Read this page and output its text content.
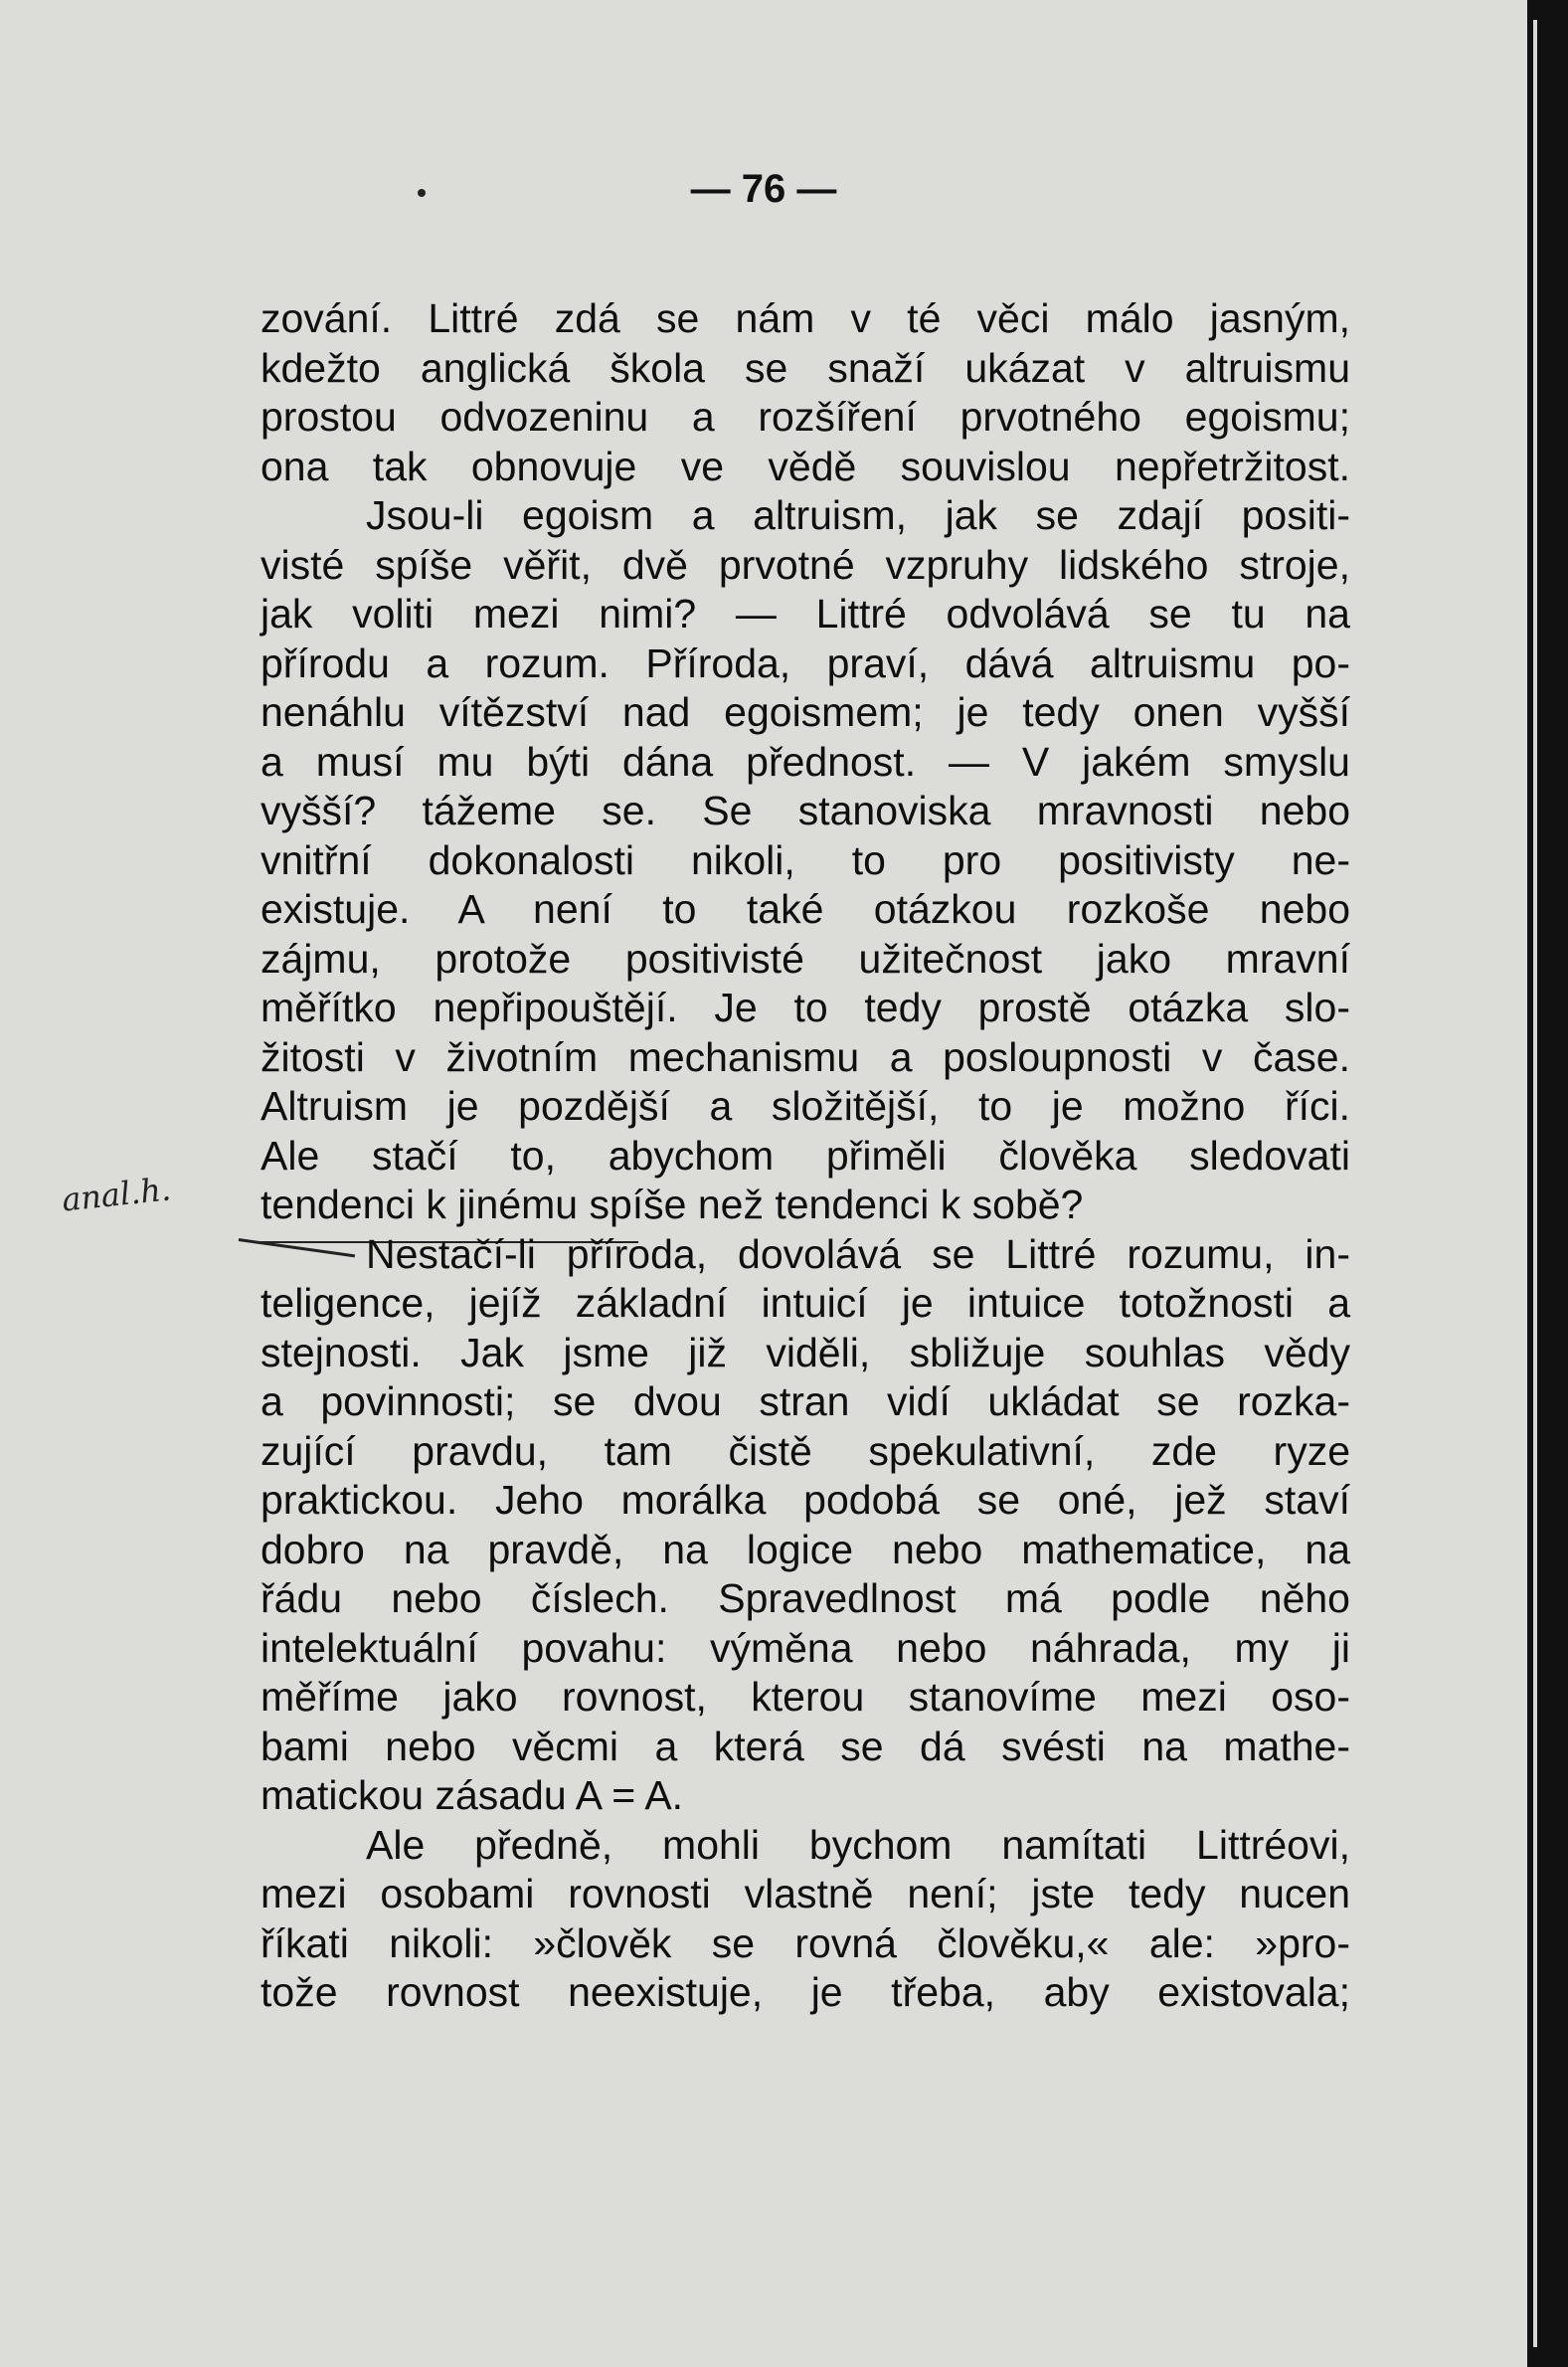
— 76 —
anal.h.
zování. Littré zdá se nám v té věci málo jasným,
kdežto anglická škola se snaží ukázat v altruismu
prostou odvozeninu a rozšíření prvotného egoismu;
ona tak obnovuje ve vědě souvislou nepřetržitost.
Jsou-li egoism a altruism, jak se zdají positi-
visté spíše věřit, dvě prvotné vzpruhy lidského stroje,
jak voliti mezi nimi? — Littré odvolává se tu na
přírodu a rozum. Příroda, praví, dává altruismu po-
nenáhlu vítězství nad egoismem; je tedy onen vyšší
a musí mu býti dána přednost. — V jakém smyslu
vyšší? tážeme se. Se stanoviska mravnosti nebo
vnitřní dokonalosti nikoli, to pro positivisty ne-
existuje. A není to také otázkou rozkoše nebo
zájmu, protože positivisté užitečnost jako mravní
měřítko nepřipouštějí. Je to tedy prostě otázka slo-
žitosti v životním mechanismu a posloupnosti v čase.
Altruism je pozdější a složitější, to je možno říci.
Ale stačí to, abychom přiměli člověka sledovati
tendenci k jinému spíše než tendenci k sobě?
Nestačí-li příroda, dovolává se Littré rozumu, in-
teligence, jejíž základní intuicí je intuice totožnosti a
stejnosti. Jak jsme již viděli, sbližuje souhlas vědy
a povinnosti; se dvou stran vidí ukládat se rozka-
zující pravdu, tam čistě spekulativní, zde ryze
praktickou. Jeho morálka podobá se oné, jež staví
dobro na pravdě, na logice nebo mathematice, na
řádu nebo číslech. Spravedlnost má podle něho
intelektuální povahu: výměna nebo náhrada, my ji
měříme jako rovnost, kterou stanovíme mezi oso-
bami nebo věcmi a která se dá svésti na mathe-
matickou zásadu A = A.
Ale předně, mohli bychom namítati Littréovi,
mezi osobami rovnosti vlastně není; jste tedy nucen
říkati nikoli: »člověk se rovná člověku,« ale: »pro-
tože rovnost neexistuje, je třeba, aby existovala;
